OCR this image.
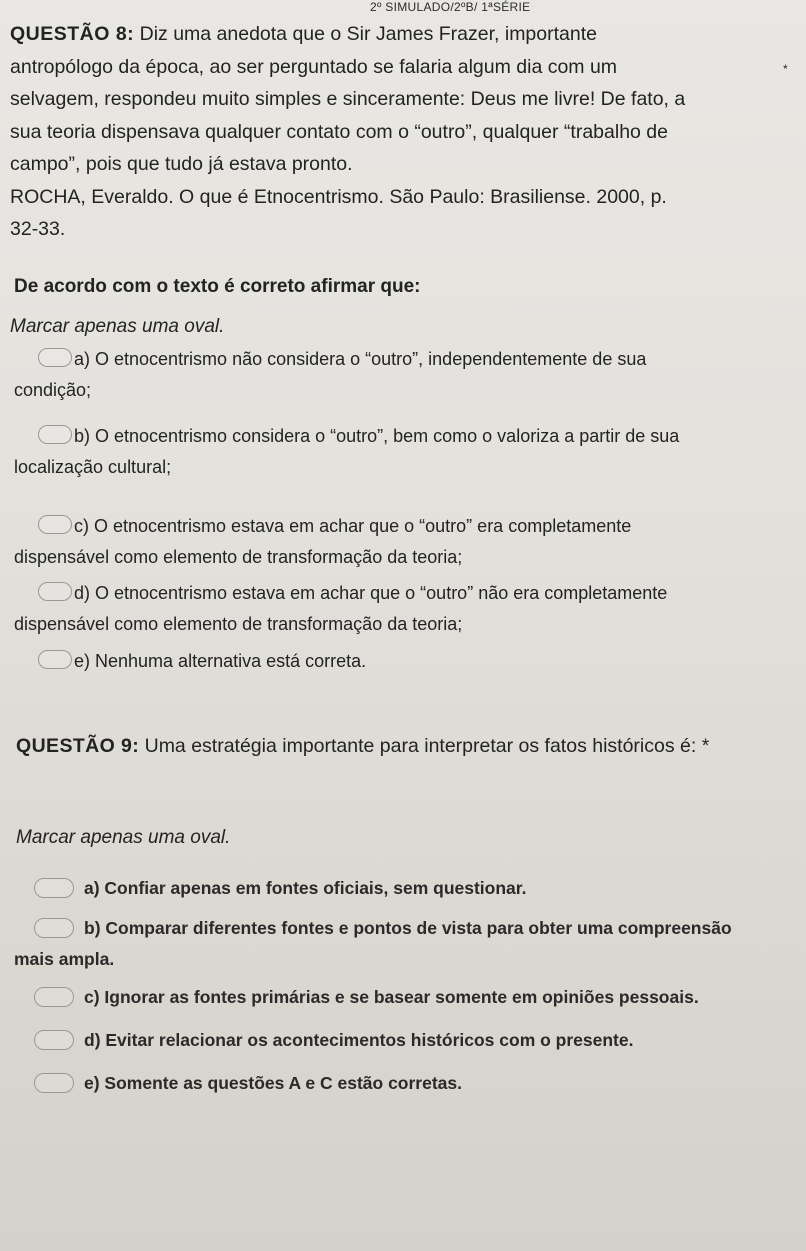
2º SIMULADO/2ºB/ 1ªSÉRIE
QUESTÃO 8: Diz uma anedota que o Sir James Frazer, importante
antropólogo da época, ao ser perguntado se falaria algum dia com um
selvagem, respondeu muito simples e sinceramente: Deus me livre! De fato, a
sua teoria dispensava qualquer contato com o “outro”, qualquer “trabalho de
campo”, pois que tudo já estava pronto.
ROCHA, Everaldo. O que é Etnocentrismo. São Paulo: Brasiliense. 2000, p.
32-33.
*
De acordo com o texto é correto afirmar que:
Marcar apenas uma oval.
a) O etnocentrismo não considera o “outro”, independentemente de sua
condição;
b) O etnocentrismo considera o “outro”, bem como o valoriza a partir de sua
localização cultural;
c) O etnocentrismo estava em achar que o “outro” era completamente
dispensável como elemento de transformação da teoria;
d) O etnocentrismo estava em achar que o “outro” não era completamente
dispensável como elemento de transformação da teoria;
e) Nenhuma alternativa está correta.
QUESTÃO 9: Uma estratégia importante para interpretar os fatos históricos é: *
Marcar apenas uma oval.
a) Confiar apenas em fontes oficiais, sem questionar.
b) Comparar diferentes fontes e pontos de vista para obter uma compreensão
mais ampla.
c) Ignorar as fontes primárias e se basear somente em opiniões pessoais.
d) Evitar relacionar os acontecimentos históricos com o presente.
e) Somente as questões A e C estão corretas.
